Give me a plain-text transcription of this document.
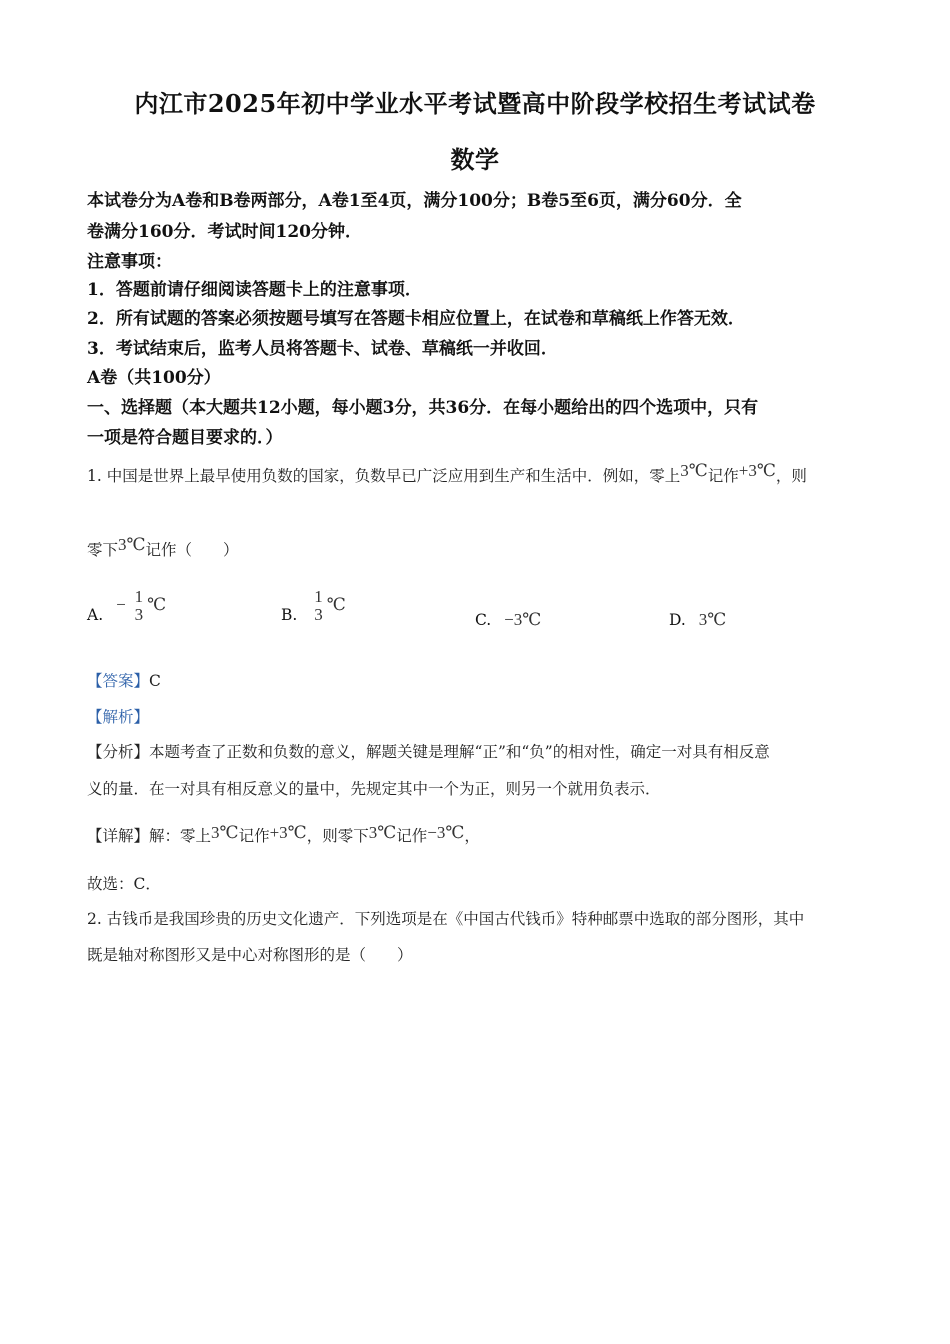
内江市2025年初中学业水平考试暨高中阶段学校招生考试试卷
数学
本试卷分为A卷和B卷两部分，A卷1至4页，满分100分；B卷5至6页，满分60分．全
卷满分160分．考试时间120分钟．
注意事项：
1．答题前请仔细阅读答题卡上的注意事项．
2．所有试题的答案必须按题号填写在答题卡相应位置上，在试卷和草稿纸上作答无效．
3．考试结束后，监考人员将答题卡、试卷、草稿纸一并收回．
A卷（共100分）
一、选择题（本大题共12小题，每小题3分，共36分．在每小题给出的四个选项中，只有
一项是符合题目要求的．）
1. 中国是世界上最早使用负数的国家，负数早已广泛应用到生产和生活中．例如，零上3℃记作+3℃，则
零下3℃记作（　　）
A. − 1
3
℃
B.
1
3
℃
C. −3℃	D. 3℃
【答案】C
【解析】
【分析】本题考查了正数和负数的意义，解题关键是理解“正”和“负”的相对性，确定一对具有相反意
义的量．在一对具有相反意义的量中，先规定其中一个为正，则另一个就用负表示．
【详解】解：零上3℃记作+3℃，则零下3℃记作−3℃，
故选：C．
2. 古钱币是我国珍贵的历史文化遗产．下列选项是在《中国古代钱币》特种邮票中选取的部分图形，其中
既是轴对称图形又是中心对称图形的是（　　）
